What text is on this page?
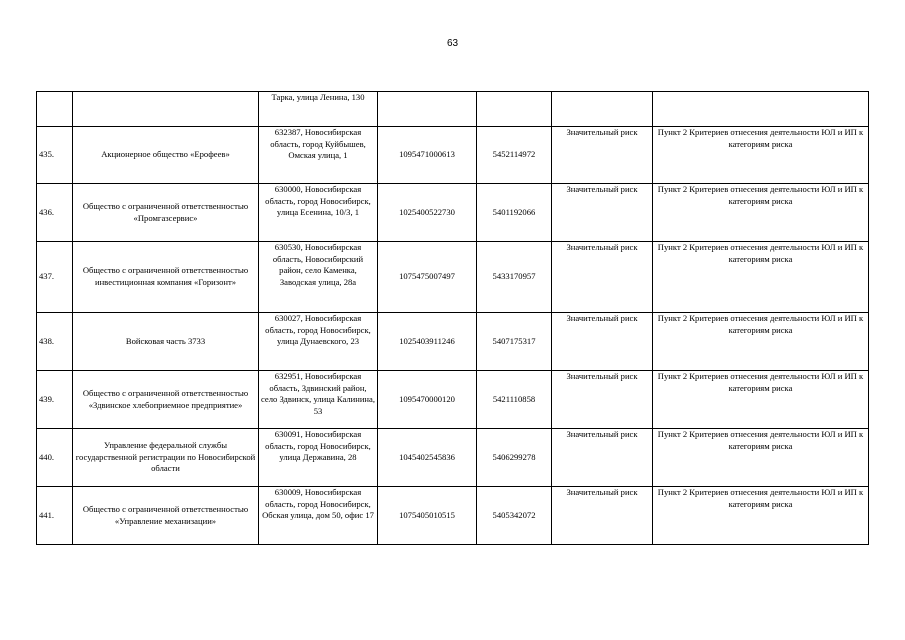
63
		Тарка, улица Ленина, 130				
435.	Акционерное общество «Ерофеев»	632387, Новосибирская область, город Куйбышев, Омская улица, 1	1095471000613	5452114972	Значительный риск	Пункт 2 Критериев отнесения деятельности ЮЛ и ИП к категориям риска
436.	Общество с ограниченной ответственностью «Промгазсервис»	630000, Новосибирская область, город Новосибирск, улица Есенина, 10/3, 1	1025400522730	5401192066	Значительный риск	Пункт 2 Критериев отнесения деятельности ЮЛ и ИП к категориям риска
437.	Общество с ограниченной ответственностью инвестиционная компания «Горизонт»	630530, Новосибирская область, Новосибирский район, село Каменка, Заводская улица, 28а	1075475007497	5433170957	Значительный риск	Пункт 2 Критериев отнесения деятельности ЮЛ и ИП к категориям риска
438.	Войсковая часть 3733	630027, Новосибирская область, город Новосибирск, улица Дунаевского, 23	1025403911246	5407175317	Значительный риск	Пункт 2 Критериев отнесения деятельности ЮЛ и ИП к категориям риска
439.	Общество с ограниченной ответственностью «Здвинское хлебоприемное предприятие»	632951, Новосибирская область, Здвинский район, село Здвинск, улица Калинина, 53	1095470000120	5421110858	Значительный риск	Пункт 2 Критериев отнесения деятельности ЮЛ и ИП к категориям риска
440.	Управление федеральной службы государственной регистрации по Новосибирской области	630091, Новосибирская область, город Новосибирск, улица Державина, 28	1045402545836	5406299278	Значительный риск	Пункт 2 Критериев отнесения деятельности ЮЛ и ИП к категориям риска
441.	Общество с ограниченной ответственностью «Управление механизации»	630009, Новосибирская область, город Новосибирск, Обская улица, дом 50, офис 17	1075405010515	5405342072	Значительный риск	Пункт 2 Критериев отнесения деятельности ЮЛ и ИП к категориям риска
